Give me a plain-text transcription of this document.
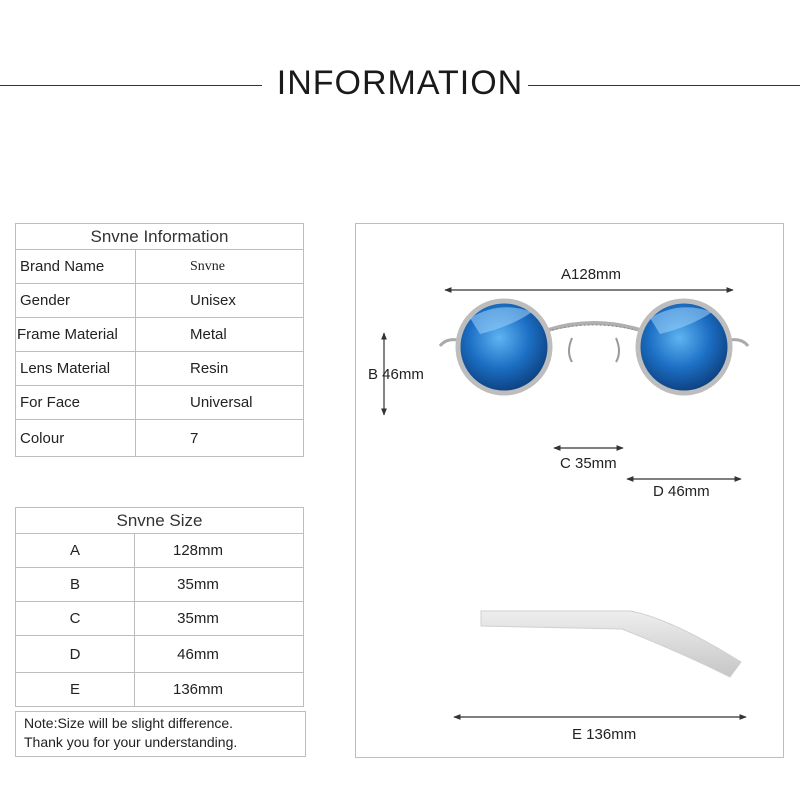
INFORMATION
Snvne Information	
Brand Name	Snvne
Gender	Unisex
Frame Material	Metal
Lens Material	Resin
For Face	Universal
Colour	7
Snvne Size	
A	128mm
B	35mm
C	35mm
D	46mm
E	136mm
Note:Size will be slight difference.
Thank you for your understanding.
A128mm
B 46mm
C 35mm
D 46mm
E 136mm
